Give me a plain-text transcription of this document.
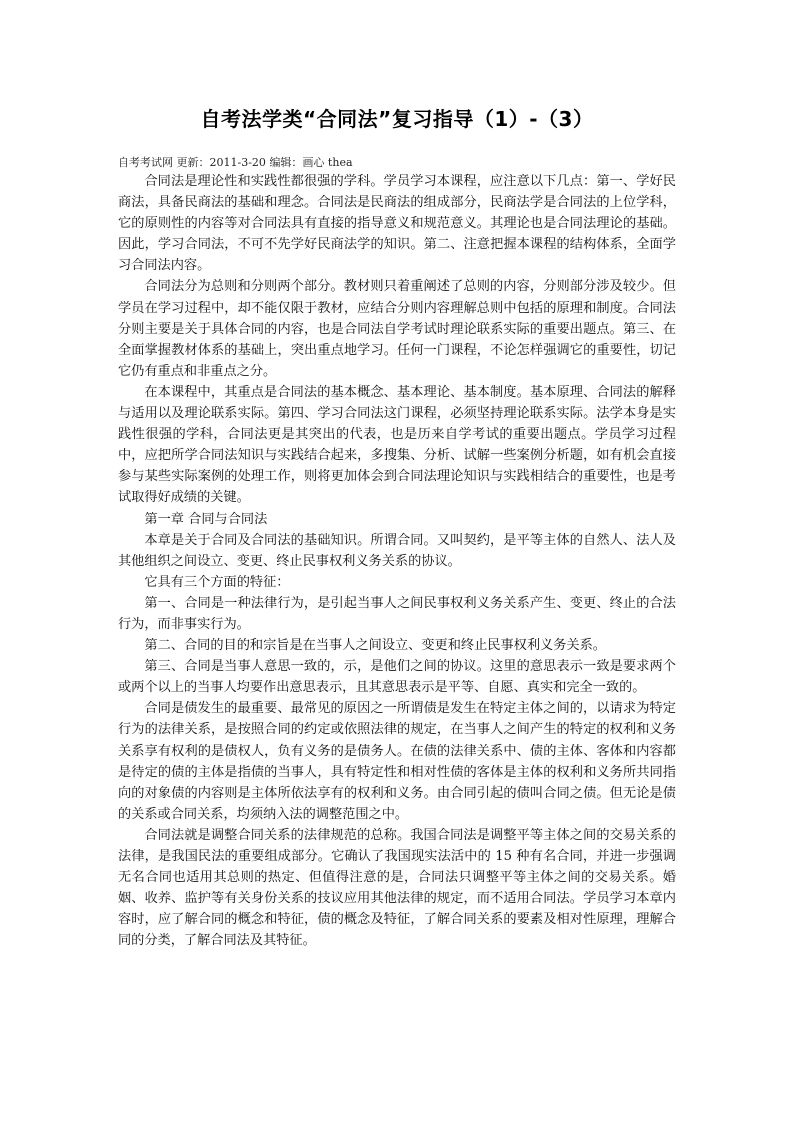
自考法学类“合同法”复习指导（1）-（3）
自考考试网 更新：2011-3-20 编辑：画心 thea

合同法是理论性和实践性都很强的学科。学员学习本课程，应注意以下几点：第一、学好民商法，具备民商法的基础和理念。合同法是民商法的组成部分，民商法学是合同法的上位学科，它的原则性的内容等对合同法具有直接的指导意义和规范意义。其理论也是合同法理论的基础。因此，学习合同法，不可不先学好民商法学的知识。第二、注意把握本课程的结构体系，全面学习合同法内容。

合同法分为总则和分则两个部分。教材则只着重阐述了总则的内容，分则部分涉及较少。但学员在学习过程中，却不能仅限于教材，应结合分则内容理解总则中包括的原理和制度。合同法分则主要是关于具体合同的内容，也是合同法自学考试时理论联系实际的重要出题点。第三、在全面掌握教材体系的基础上，突出重点地学习。任何一门课程，不论怎样强调它的重要性，切记它仍有重点和非重点之分。

在本课程中，其重点是合同法的基本概念、基本理论、基本制度。基本原理、合同法的解释与适用以及理论联系实际。第四、学习合同法这门课程，必须坚持理论联系实际。法学本身是实践性很强的学科，合同法更是其突出的代表，也是历来自学考试的重要出题点。学员学习过程中，应把所学合同法知识与实践结合起来，多搜集、分析、试解一些案例分析题，如有机会直接参与某些实际案例的处理工作，则将更加体会到合同法理论知识与实践相结合的重要性，也是考试取得好成绩的关键。

第一章 合同与合同法

本章是关于合同及合同法的基础知识。所谓合同。又叫契约，是平等主体的自然人、法人及其他组织之间设立、变更、终止民事权利义务关系的协议。

它具有三个方面的特征：

第一、合同是一种法律行为，是引起当事人之间民事权利义务关系产生、变更、终止的合法行为，而非事实行为。

第二、合同的目的和宗旨是在当事人之间设立、变更和终止民事权利义务关系。

第三、合同是当事人意思一致的，示，是他们之间的协议。这里的意思表示一致是要求两个或两个以上的当事人均要作出意思表示，且其意思表示是平等、自愿、真实和完全一致的。

合同是债发生的最重要、最常见的原因之一所谓债是发生在特定主体之间的，以请求为特定行为的法律关系，是按照合同的约定或依照法律的规定，在当事人之间产生的特定的权利和义务关系享有权利的是债权人，负有义务的是债务人。在债的法律关系中、债的主体、客体和内容都是待定的债的主体是指债的当事人，具有特定性和相对性债的客体是主体的权利和义务所共同指向的对象债的内容则是主体所依法享有的权利和义务。由合同引起的债叫合同之债。但无论是债的关系或合同关系，均须纳入法的调整范围之中。

合同法就是调整合同关系的法律规范的总称。我国合同法是调整平等主体之间的交易关系的法律，是我国民法的重要组成部分。它确认了我国现实法活中的 15 种有名合同，并进一步强调无名合同也适用其总则的热定、但值得注意的是，合同法只调整平等主体之间的交易关系。婚姻、收养、监护等有关身份关系的技议应用其他法律的规定，而不适用合同法。学员学习本章内容时，应了解合同的概念和特征，债的概念及特征，了解合同关系的要素及相对性原理，理解合同的分类，了解合同法及其特征。
